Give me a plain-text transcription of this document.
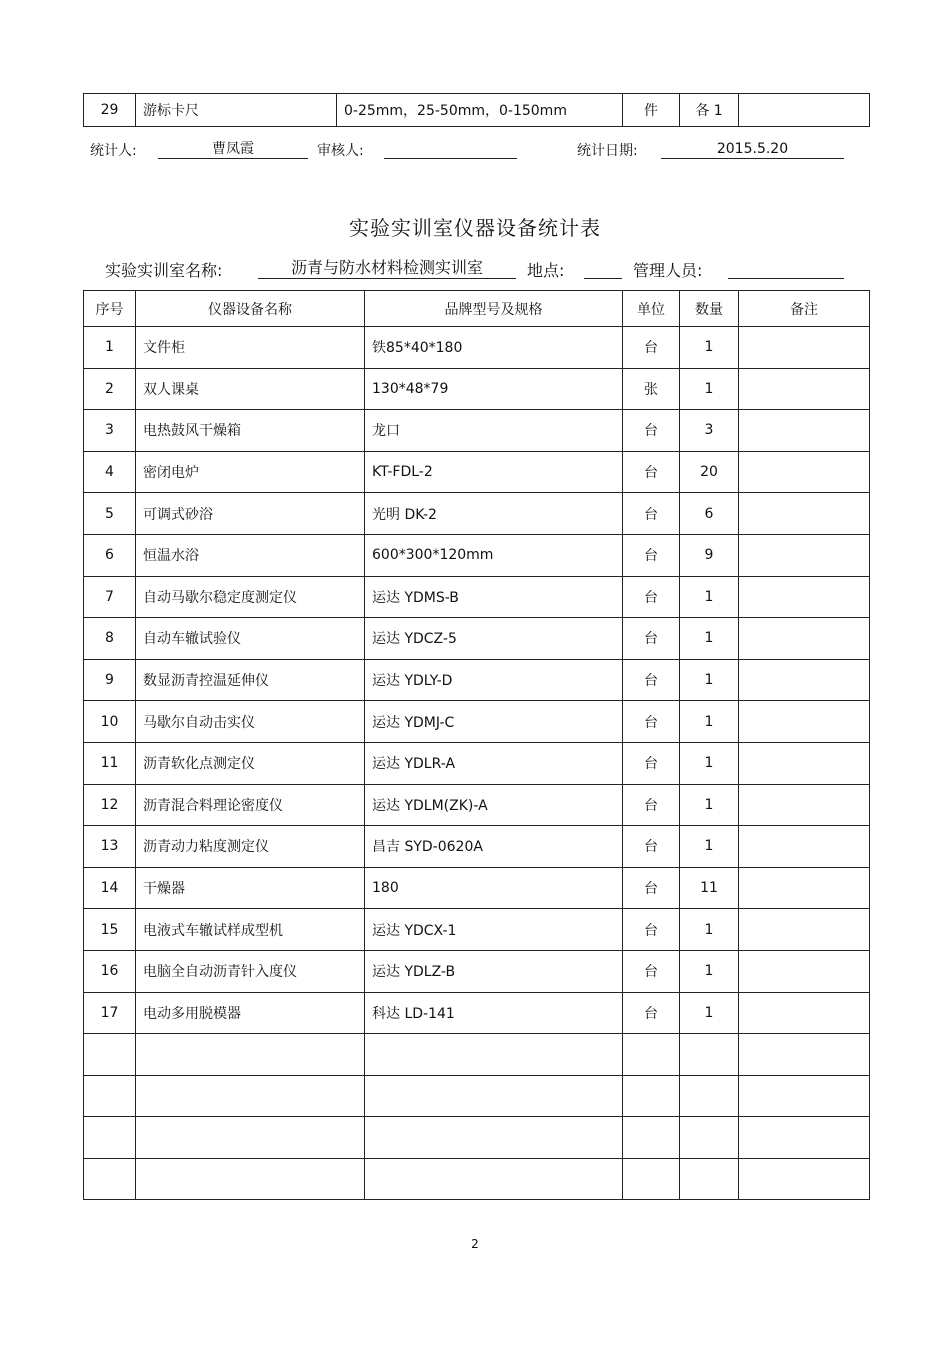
29	游标卡尺	0-25mm，25-50mm，0-150mm	件	各 1	
统计人:	曹凤霞	审核人:	统计日期:	2015.5.20
实验实训室仪器设备统计表
实验实训室名称:	沥青与防水材料检测实训室	地点:	管理人员:
序号	仪器设备名称	品牌型号及规格	单位	数量	备注
1	文件柜	铁85*40*180	台	1	
2	双人课桌	130*48*79	张	1	
3	电热鼓风干燥箱	龙口	台	3	
4	密闭电炉	KT-FDL-2	台	20	
5	可调式砂浴	光明 DK-2	台	6	
6	恒温水浴	600*300*120mm	台	9	
7	自动马歇尔稳定度测定仪	运达 YDMS-B	台	1	
8	自动车辙试验仪	运达 YDCZ-5	台	1	
9	数显沥青控温延伸仪	运达 YDLY-D	台	1	
10	马歇尔自动击实仪	运达 YDMJ-C	台	1	
11	沥青软化点测定仪	运达 YDLR-A	台	1	
12	沥青混合料理论密度仪	运达 YDLM(ZK)-A	台	1	
13	沥青动力粘度测定仪	昌吉 SYD-0620A	台	1	
14	干燥器	180	台	11	
15	电液式车辙试样成型机	运达 YDCX-1	台	1	
16	电脑全自动沥青针入度仪	运达 YDLZ-B	台	1	
17	电动多用脱模器	科达 LD-141	台	1	

2
